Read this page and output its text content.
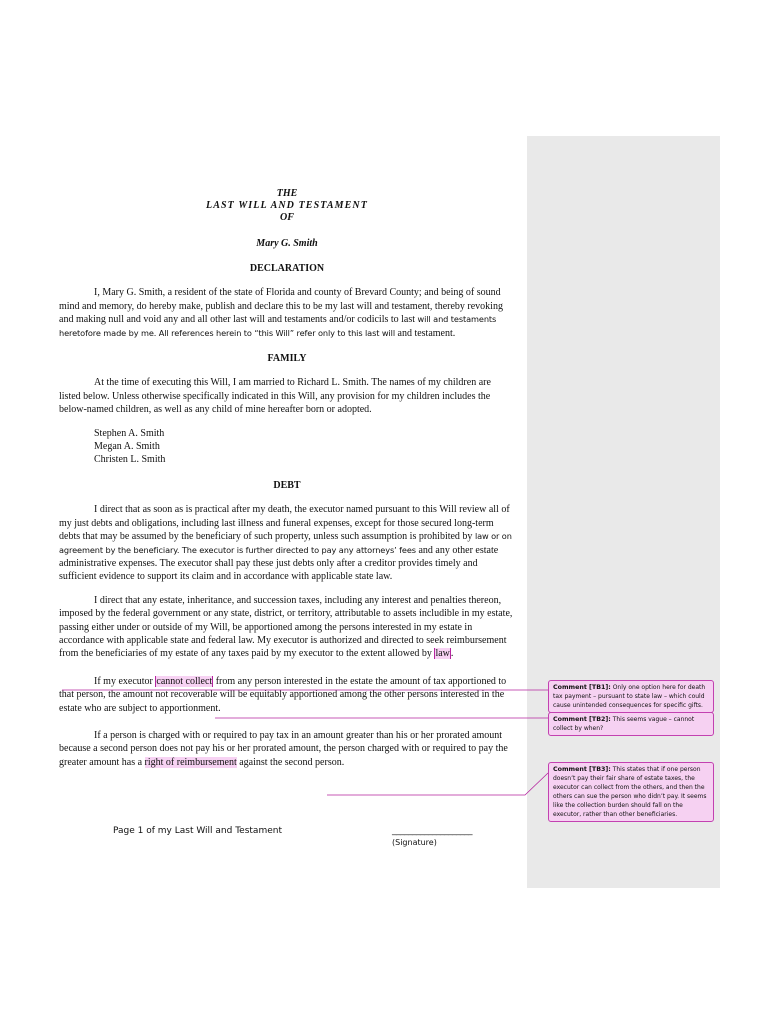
THE
LAST WILL AND TESTAMENT
OF
Mary G. Smith
DECLARATION

I, Mary G. Smith, a resident of the state of Florida and county of Brevard County; and being of sound mind and memory, do hereby make, publish and declare this to be my last will and testament, thereby revoking and making null and void any and all other last will and testaments and/or codicils to last will and testaments heretofore made by me. All references herein to “this Will” refer only to this last will and testament.

FAMILY

At the time of executing this Will, I am married to Richard L. Smith. The names of my children are listed below. Unless otherwise specifically indicated in this Will, any provision for my children includes the below-named children, as well as any child of mine hereafter born or adopted.

Stephen A. Smith
Megan A. Smith
Christen L. Smith
DEBT

I direct that as soon as is practical after my death, the executor named pursuant to this Will review all of my just debts and obligations, including last illness and funeral expenses, except for those secured long-term debts that may be assumed by the beneficiary of such property, unless such assumption is prohibited by law or on agreement by the beneficiary. The executor is further directed to pay any attorneys’ fees and any other estate administrative expenses. The executor shall pay these just debts only after a creditor provides timely and sufficient evidence to support its claim and in accordance with applicable state law.

I direct that any estate, inheritance, and succession taxes, including any interest and penalties thereon, imposed by the federal government or any state, district, or territory, attributable to assets includible in my estate, passing either under or outside of my Will, be apportioned among the persons interested in my estate in accordance with applicable state and federal law. My executor is authorized and directed to seek reimbursement from the beneficiaries of my estate of any taxes paid by my executor to the extent allowed by law.

If my executor cannot collect from any person interested in the estate the amount of tax apportioned to that person, the amount not recoverable will be equitably apportioned among the other persons interested in the estate who are subject to apportionment.

If a person is charged with or required to pay tax in an amount greater than his or her prorated amount because a second person does not pay his or her prorated amount, the person charged with or required to pay the greater amount has a right of reimbursement against the second person.

Page 1 of my Last Will and Testament	____________________
(Signature)
Comment [TB1]: Only one option here for death tax payment – pursuant to state law – which could cause unintended consequences for specific gifts.
Comment [TB2]: This seems vague – cannot collect by when?
Comment [TB3]: This states that if one person doesn’t pay their fair share of estate taxes, the executor can collect from the others, and then the others can sue the person who didn’t pay. It seems like the collection burden should fall on the executor, rather than other beneficiaries.
